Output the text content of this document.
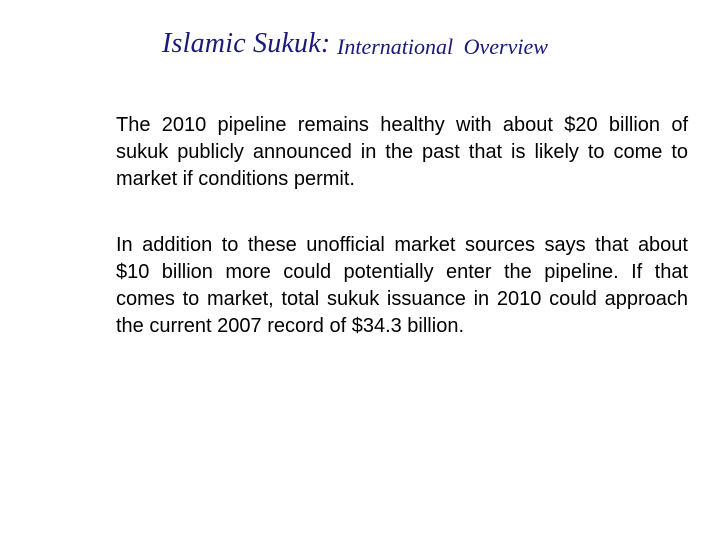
Islamic Sukuk: International Overview

The 2010 pipeline remains healthy with about $20 billion of sukuk publicly announced in the past that is likely to come to market if conditions permit.

In addition to these unofficial market sources says that about $10 billion more could potentially enter the pipeline. If that comes to market, total sukuk issuance in 2010 could approach the current 2007 record of $34.3 billion.
